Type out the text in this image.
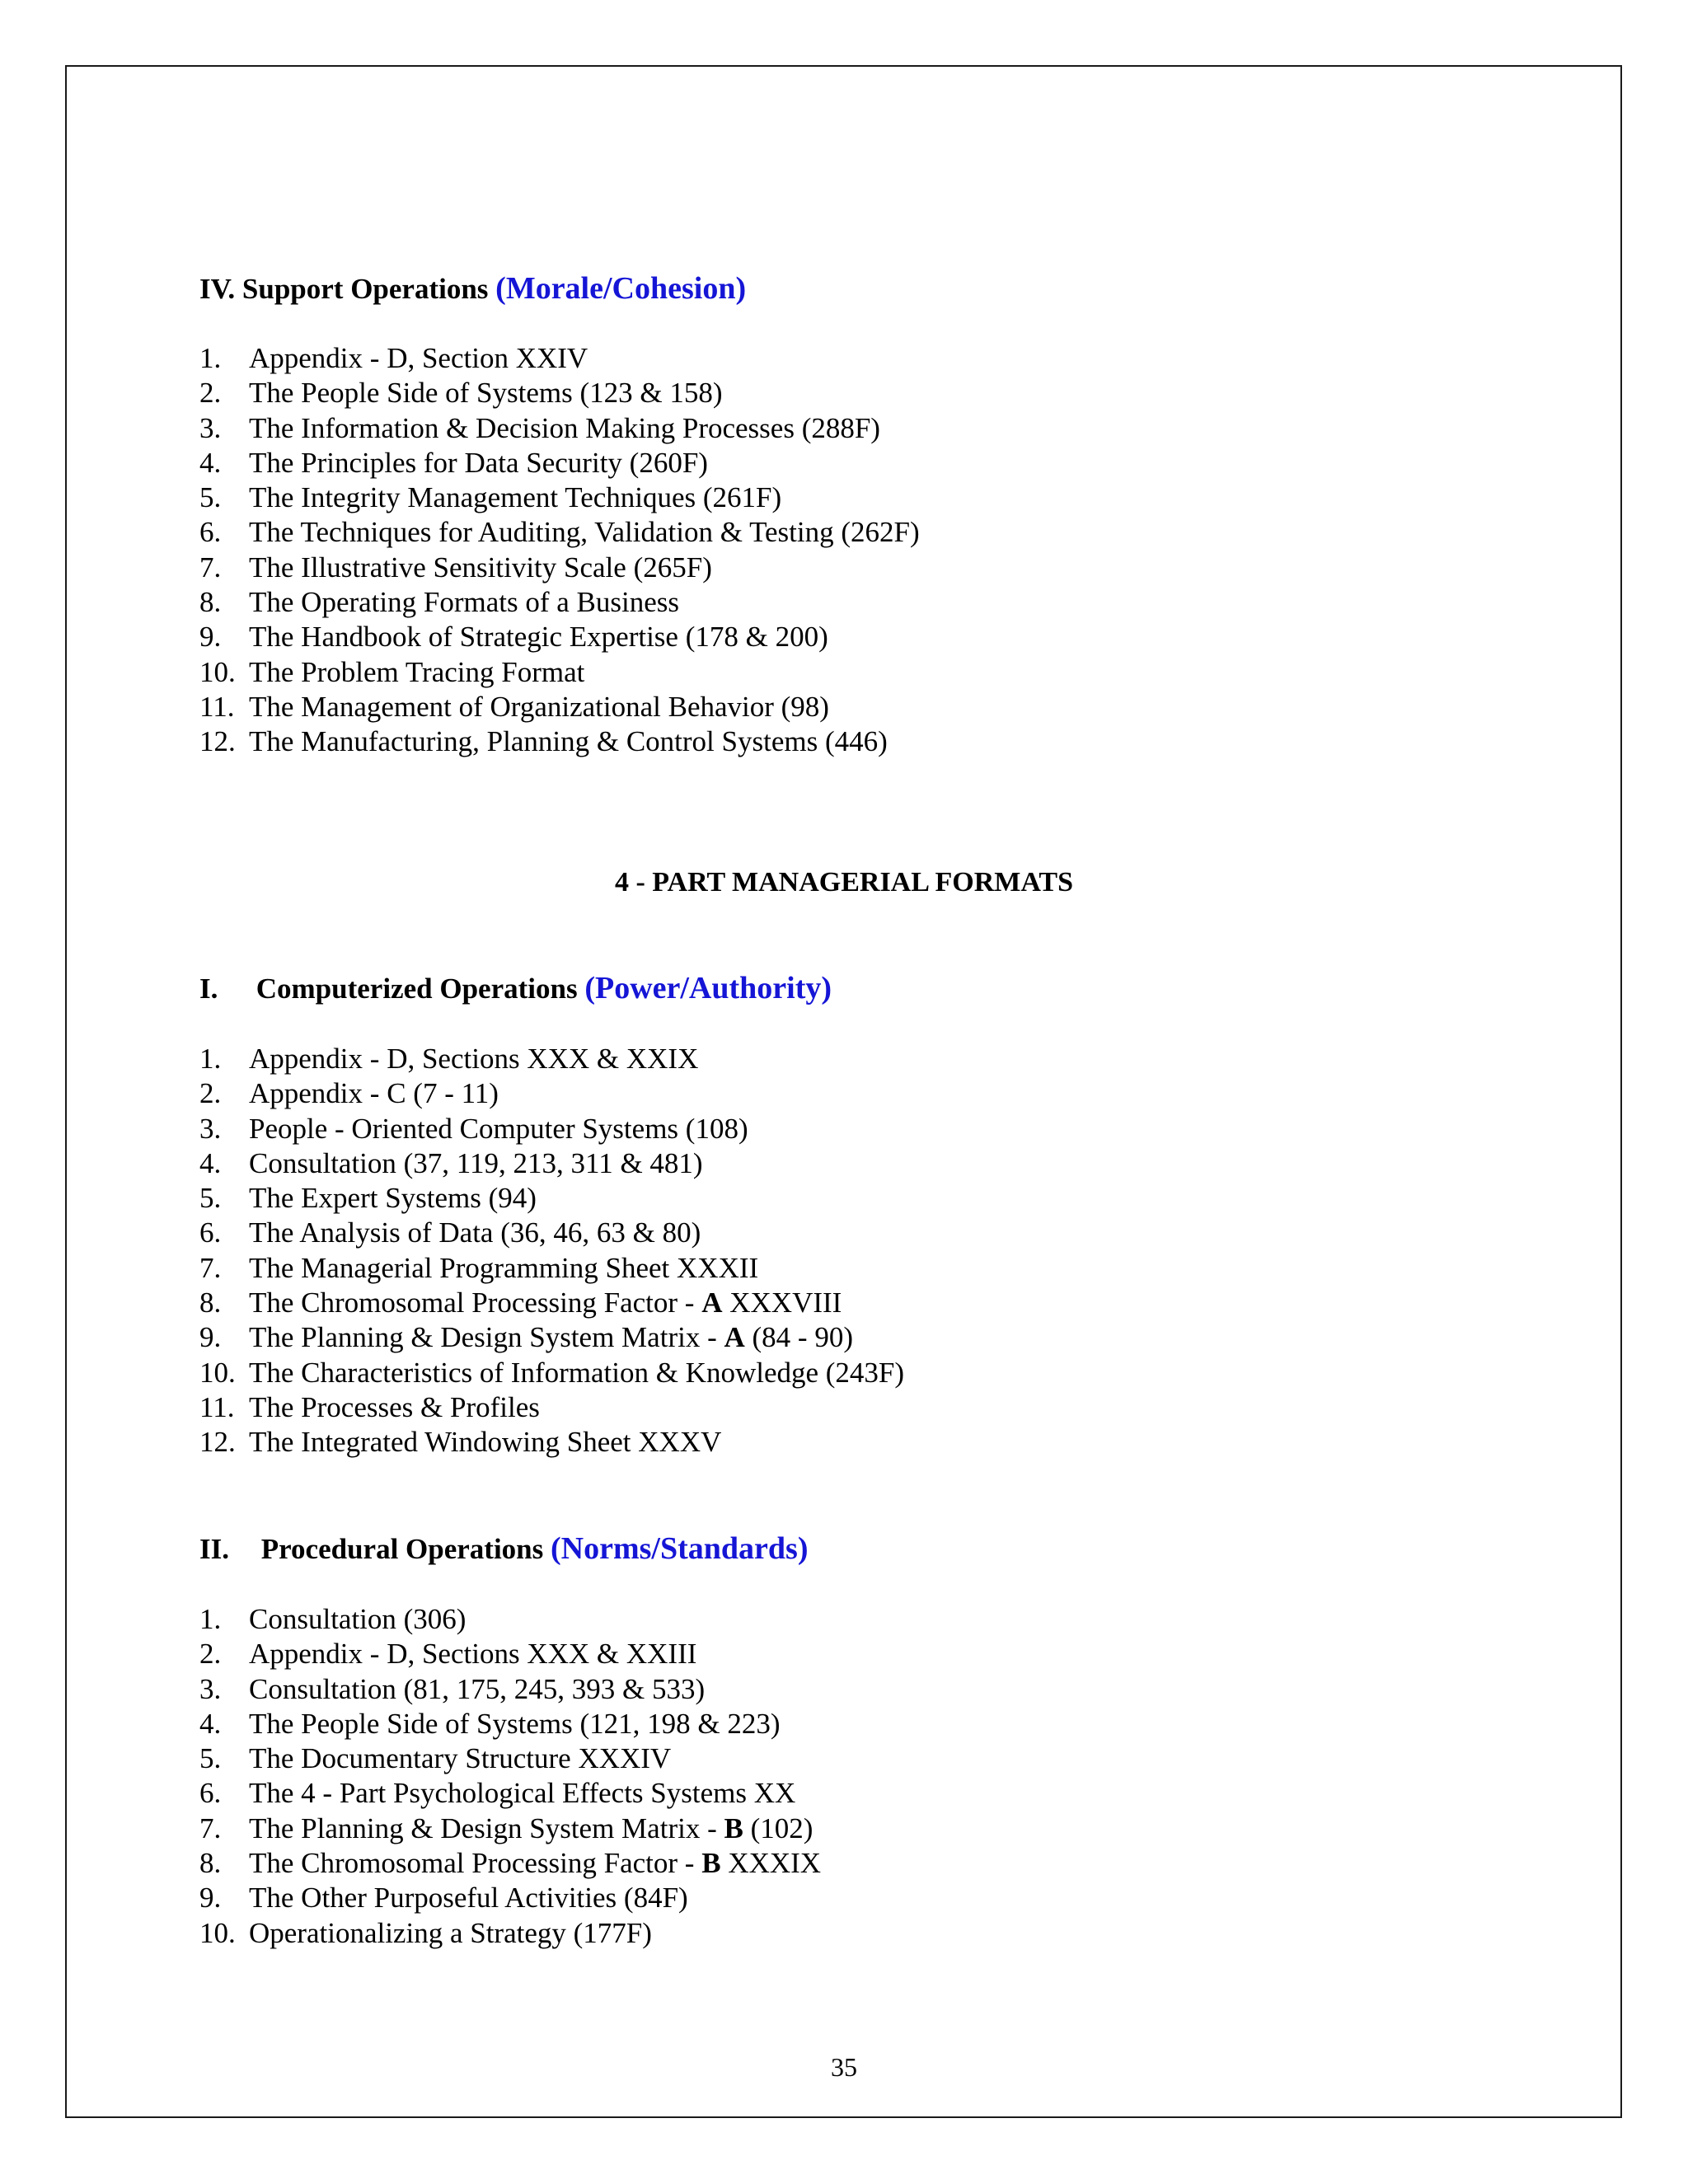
IV. Support Operations (Morale/Cohesion)
1. Appendix - D, Section XXIV
2. The People Side of Systems (123 & 158)
3. The Information & Decision Making Processes (288F)
4. The Principles for Data Security (260F)
5. The Integrity Management Techniques (261F)
6. The Techniques for Auditing, Validation & Testing (262F)
7. The Illustrative Sensitivity Scale (265F)
8. The Operating Formats of a Business
9. The Handbook of Strategic Expertise (178 & 200)
10. The Problem Tracing Format
11. The Management of Organizational Behavior (98)
12. The Manufacturing, Planning & Control Systems (446)
4 - PART MANAGERIAL FORMATS
I. Computerized Operations (Power/Authority)
1. Appendix - D, Sections XXX & XXIX
2. Appendix - C (7 - 11)
3. People - Oriented Computer Systems (108)
4. Consultation (37, 119, 213, 311 & 481)
5. The Expert Systems (94)
6. The Analysis of Data (36, 46, 63 & 80)
7. The Managerial Programming Sheet XXXII
8. The Chromosomal Processing Factor - A XXXVIII
9. The Planning & Design System Matrix - A (84 - 90)
10. The Characteristics of Information & Knowledge (243F)
11. The Processes & Profiles
12. The Integrated Windowing Sheet XXXV
II. Procedural Operations (Norms/Standards)
1. Consultation (306)
2. Appendix - D, Sections XXX & XXIII
3. Consultation (81, 175, 245, 393 & 533)
4. The People Side of Systems (121, 198 & 223)
5. The Documentary Structure XXXIV
6. The 4 - Part Psychological Effects Systems XX
7. The Planning & Design System Matrix - B (102)
8. The Chromosomal Processing Factor - B XXXIX
9. The Other Purposeful Activities (84F)
10. Operationalizing a Strategy (177F)
35
